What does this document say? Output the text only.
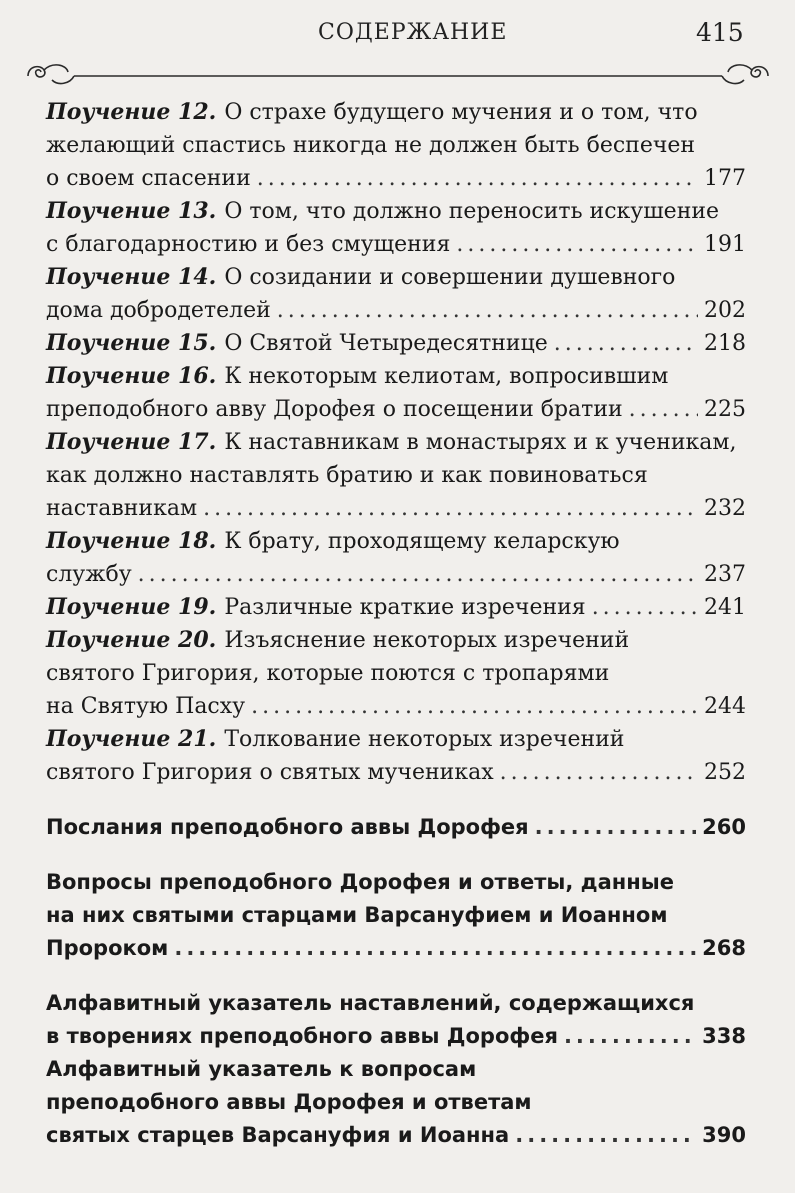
СОДЕРЖАНИЕ	415
Поучение 12. О страхе будущего мучения и о том, что
желающий спастись никогда не должен быть беспечен
о своем спасении .....	177
Поучение 13. О том, что должно переносить искушение
с благодарностию и без смущения .....	191
Поучение 14. О созидании и совершении душевного
дома добродетелей .....	202
Поучение 15. О Святой Четыредесятнице .....	218
Поучение 16. К некоторым келиотам, вопросившим
преподобного авву Дорофея о посещении братии .....	225
Поучение 17. К наставникам в монастырях и к ученикам,
как должно наставлять братию и как повиноваться
наставникам .....	232
Поучение 18. К брату, проходящему келарскую
службу .....	237
Поучение 19. Различные краткие изречения .....	241
Поучение 20. Изъяснение некоторых изречений
святого Григория, которые поются с тропарями
на Святую Пасху .....	244
Поучение 21. Толкование некоторых изречений
святого Григория о святых мучениках .....	252
Послания преподобного аввы Дорофея .....	260
Вопросы преподобного Дорофея и ответы, данные
на них святыми старцами Варсануфием и Иоанном
Пророком .....	268
Алфавитный указатель наставлений, содержащихся
в творениях преподобного аввы Дорофея .....	338
Алфавитный указатель к вопросам
преподобного аввы Дорофея и ответам
святых старцев Варсануфия и Иоанна .....	390
